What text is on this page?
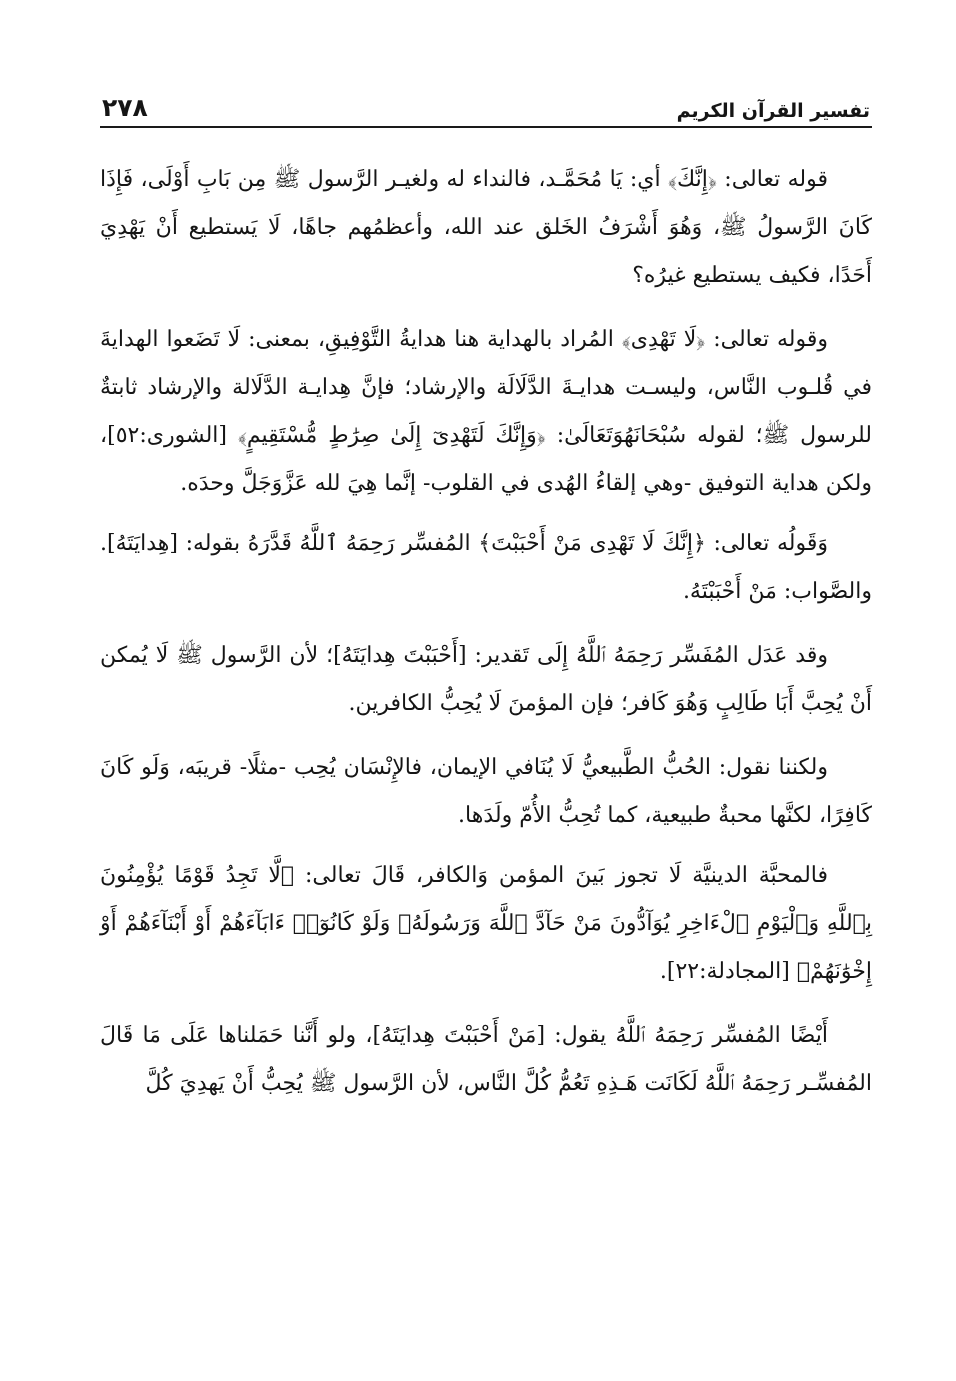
تفسير القرآن الكريم
٢٧٨

قوله تعالى: ﴿إِنَّكَ﴾ أي: يَا مُحَمَّـد، فالنداء له ولغيـر الرَّسول ﷺ مِن بَابِ أَوْلَى، فَإِذَا كَانَ الرَّسولُ ﷺ، وَهُوَ أَشْرَفُ الخَلق عند الله، وأعظمُهم جاهًا، لَا يَستطيع أَنْ يَهْدِيَ أَحَدًا، فكيف يستطيع غيرُه؟

وقوله تعالى: ﴿لَا تَهْدِى﴾ المُراد بالهداية هنا هدايةُ التَّوْفِيقِ، بمعنى: لَا تَضَعوا الهدايةَ في قُلـوب النَّاس، وليسـت هدايـةَ الدَّلَالَة والإرشاد؛ فإنَّ هِدايـة الدَّلَالة والإرشاد ثابتةٌ للرسول ﷺ؛ لقوله سُبْحَانَهُوَتَعَالَىٰ: ﴿وَإِنَّكَ لَتَهْدِىٓ إِلَىٰ صِرَٰطٍ مُّسْتَقِيمٍ﴾ [الشورى:٥٢]، ولكن هداية التوفيق -وهي إلقاءُ الهُدى في القلوب- إنَّما هِيَ لله عَزَّوَجَلَّ وحدَه.

وَقَولُه تعالى: ﴿إِنَّكَ لَا تَهْدِى مَنْ أَحْبَبْتَ﴾ المُفسِّر رَحِمَهُ ٱللَّهُ قَدَّرَهُ بقوله: [هِدايَتَهُ]. والصَّواب: مَنْ أَحْبَبْتَهُ.

وقد عَدَل المُفَسِّر رَحِمَهُ ٱللَّهُ إِلَى تَقدير: [أَحْبَبْتَ هِدايَتَهُ]؛ لأن الرَّسول ﷺ لَا يُمكن أَنْ يُحِبَّ أَبَا طَالِبٍ وَهُوَ كَافر؛ فإن المؤمنَ لَا يُحِبُّ الكافرين.

ولكننا نقول: الحُبُّ الطَّبيعيُّ لَا يُنَافي الإيمان، فالإِنْسَان يُحِب -مثلًا- قريبَه، وَلَو كَانَ كَافِرًا، لكنَّها محبةٌ طبيعية، كما تُحِبُّ الأُمّ ولَدَها.

فالمحبَّة الدينيَّة لَا تجوز بَينَ المؤمن وَالكافر، قَالَ تعالى: ﴿لَّا تَجِدُ قَوْمًا يُؤْمِنُونَ بِٱللَّهِ وَٱلْيَوْمِ ٱلْءَاخِرِ يُوَآدُّونَ مَنْ حَآدَّ ٱللَّهَ وَرَسُولَهُۥ وَلَوْ كَانُوٓا۟ ءَابَآءَهُمْ أَوْ أَبْنَآءَهُمْ أَوْ إِخْوَٰنَهُمْ﴾ [المجادلة:٢٢].

أَيْضًا المُفسِّر رَحِمَهُ ٱللَّهُ يقول: [مَنْ أَحْبَبْتَ هِدايَتَهُ]، ولو أَنَّنا حَمَلناها عَلَى مَا قَالَ المُفسِّـر رَحِمَهُ ٱللَّهُ لَكَانَت هَـذِهِ تَعُمُّ كُلَّ النَّاس، لأن الرَّسول ﷺ يُحِبُّ أَنْ يَهدِيَ كُلَّ
